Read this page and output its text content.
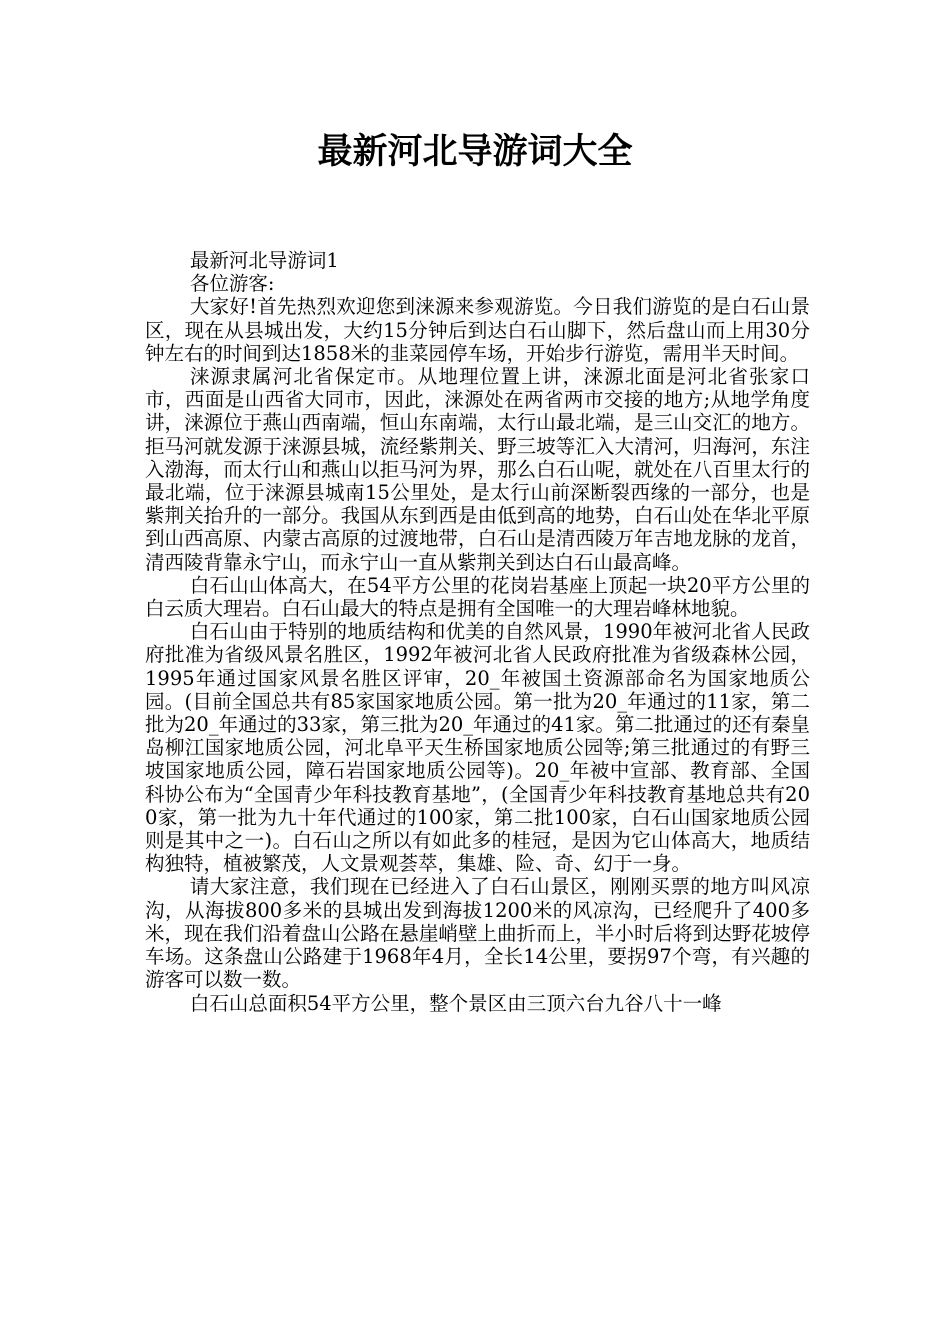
最新河北导游词大全

最新河北导游词1

各位游客:

大家好!首先热烈欢迎您到涞源来参观游览。今日我们游览的是白石山景区，现在从县城出发，大约15分钟后到达白石山脚下，然后盘山而上用30分钟左右的时间到达1858米的韭菜园停车场，开始步行游览，需用半天时间。

涞源隶属河北省保定市。从地理位置上讲，涞源北面是河北省张家口市，西面是山西省大同市，因此，涞源处在两省两市交接的地方;从地学角度讲，涞源位于燕山西南端，恒山东南端，太行山最北端，是三山交汇的地方。拒马河就发源于涞源县城，流经紫荆关、野三坡等汇入大清河，归海河，东注入渤海，而太行山和燕山以拒马河为界，那么白石山呢，就处在八百里太行的最北端，位于涞源县城南15公里处，是太行山前深断裂西缘的一部分，也是紫荆关抬升的一部分。我国从东到西是由低到高的地势，白石山处在华北平原到山西高原、内蒙古高原的过渡地带，白石山是清西陵万年吉地龙脉的龙首，清西陵背靠永宁山，而永宁山一直从紫荆关到达白石山最高峰。

白石山山体高大，在54平方公里的花岗岩基座上顶起一块20平方公里的白云质大理岩。白石山最大的特点是拥有全国唯一的大理岩峰林地貌。

白石山由于特别的地质结构和优美的自然风景，1990年被河北省人民政府批准为省级风景名胜区，1992年被河北省人民政府批准为省级森林公园，1995年通过国家风景名胜区评审，20_年被国土资源部命名为国家地质公园。(目前全国总共有85家国家地质公园。第一批为20_年通过的11家，第二批为20_年通过的33家，第三批为20_年通过的41家。第二批通过的还有秦皇岛柳江国家地质公园，河北阜平天生桥国家地质公园等;第三批通过的有野三坡国家地质公园，障石岩国家地质公园等)。20_年被中宣部、教育部、全国科协公布为“全国青少年科技教育基地”，(全国青少年科技教育基地总共有200家，第一批为九十年代通过的100家，第二批100家，白石山国家地质公园则是其中之一)。白石山之所以有如此多的桂冠，是因为它山体高大，地质结构独特，植被繁茂，人文景观荟萃，集雄、险、奇、幻于一身。

请大家注意，我们现在已经进入了白石山景区，刚刚买票的地方叫风凉沟，从海拔800多米的县城出发到海拔1200米的风凉沟，已经爬升了400多米，现在我们沿着盘山公路在悬崖峭壁上曲折而上，半小时后将到达野花坡停车场。这条盘山公路建于1968年4月，全长14公里，要拐97个弯，有兴趣的游客可以数一数。

白石山总面积54平方公里，整个景区由三顶六台九谷八十一峰
